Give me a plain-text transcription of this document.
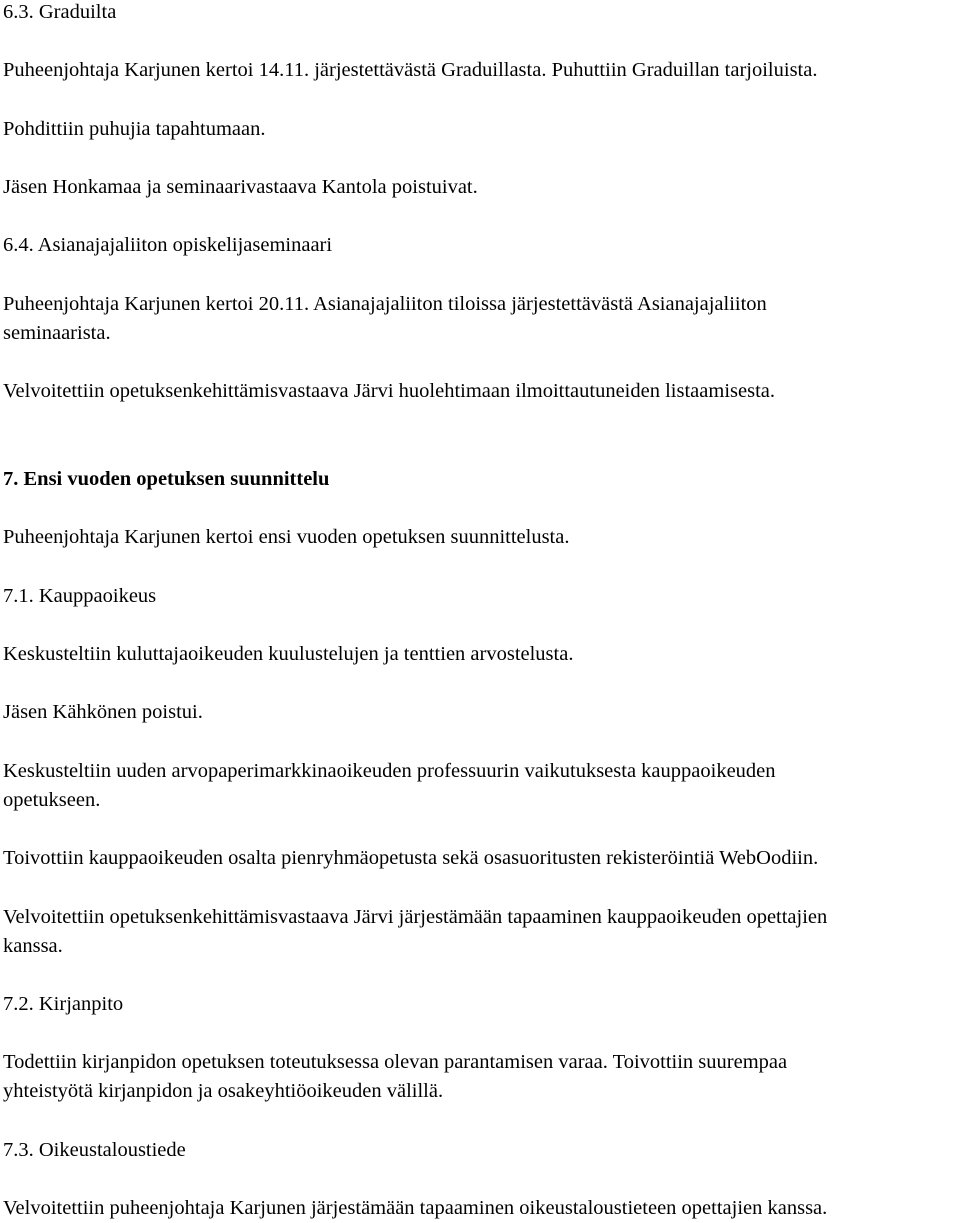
6.3. Graduilta
Puheenjohtaja Karjunen kertoi 14.11. järjestettävästä Graduillasta. Puhuttiin Graduillan tarjoiluista.
Pohdittiin puhujia tapahtumaan.
Jäsen Honkamaa ja seminaarivastaava Kantola poistuivat.
6.4. Asianajajaliiton opiskelijaseminaari
Puheenjohtaja Karjunen kertoi 20.11. Asianajajaliiton tiloissa järjestettävästä Asianajajaliiton
seminaarista.
Velvoitettiin opetuksenkehittämisvastaava Järvi huolehtimaan ilmoittautuneiden listaamisesta.
7. Ensi vuoden opetuksen suunnittelu
Puheenjohtaja Karjunen kertoi ensi vuoden opetuksen suunnittelusta.
7.1. Kauppaoikeus
Keskusteltiin kuluttajaoikeuden kuulustelujen ja tenttien arvostelusta.
Jäsen Kähkönen poistui.
Keskusteltiin uuden arvopaperimarkkinaoikeuden professuurin vaikutuksesta kauppaoikeuden
opetukseen.
Toivottiin kauppaoikeuden osalta pienryhmäopetusta sekä osasuoritusten rekisteröintiä WebOodiin.
Velvoitettiin opetuksenkehittämisvastaava Järvi järjestämään tapaaminen kauppaoikeuden opettajien
kanssa.
7.2. Kirjanpito
Todettiin kirjanpidon opetuksen toteutuksessa olevan parantamisen varaa. Toivottiin suurempaa
yhteistyötä kirjanpidon ja osakeyhtiöoikeuden välillä.
7.3. Oikeustaloustiede
Velvoitettiin puheenjohtaja Karjunen järjestämään tapaaminen oikeustaloustieteen opettajien kanssa.
